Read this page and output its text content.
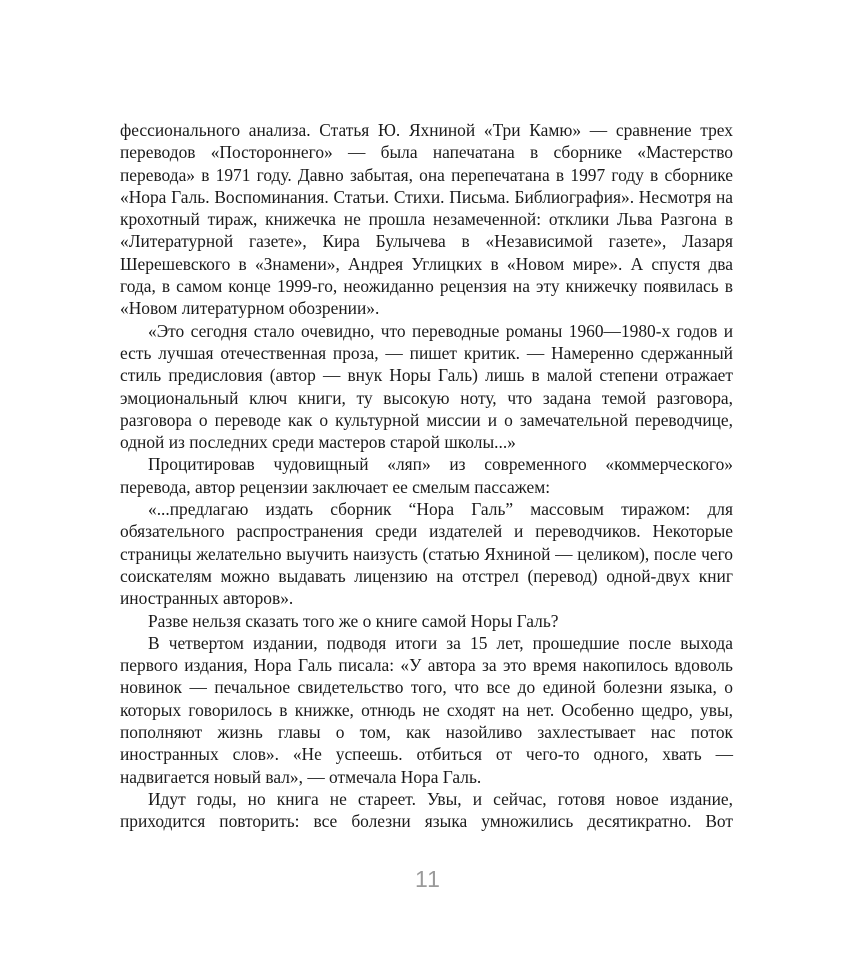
фессионального анализа. Статья Ю. Яхниной «Три Камю» — сравнение трех переводов «Постороннего» — была напечатана в сборнике «Мастерство перевода» в 1971 году. Давно забытая, она перепечатана в 1997 году в сборнике «Нора Галь. Воспоминания. Статьи. Стихи. Письма. Библиография». Несмотря на крохотный тираж, книжечка не прошла незамеченной: отклики Льва Разгона в «Литературной газете», Кира Булычева в «Независимой газете», Лазаря Шерешевского в «Знамени», Андрея Углицких в «Новом мире». А спустя два года, в самом конце 1999-го, неожиданно рецензия на эту книжечку появилась в «Новом литературном обозрении».

«Это сегодня стало очевидно, что переводные романы 1960—1980-х годов и есть лучшая отечественная проза, — пишет критик. — Намеренно сдержанный стиль предисловия (автор — внук Норы Галь) лишь в малой степени отражает эмоциональный ключ книги, ту высокую ноту, что задана темой разговора, разговора о переводе как о культурной миссии и о замечательной переводчице, одной из последних среди мастеров старой школы...»

Процитировав чудовищный «ляп» из современного «коммерческого» перевода, автор рецензии заключает ее смелым пассажем:

«...предлагаю издать сборник “Нора Галь” массовым тиражом: для обязательного распространения среди издателей и переводчиков. Некоторые страницы желательно выучить наизусть (статью Яхниной — целиком), после чего соискателям можно выдавать лицензию на отстрел (перевод) одной-двух книг иностранных авторов».

Разве нельзя сказать того же о книге самой Норы Галь?

В четвертом издании, подводя итоги за 15 лет, прошедшие после выхода первого издания, Нора Галь писала: «У автора за это время накопилось вдоволь новинок — печальное свидетельство того, что все до единой болезни языка, о которых говорилось в книжке, отнюдь не сходят на нет. Особенно щедро, увы, пополняют жизнь главы о том, как назойливо захлестывает нас поток иностранных слов». «Не успеешь. отбиться от чего-то одного, хвать — надвигается новый вал», — отмечала Нора Галь.

Идут годы, но книга не стареет. Увы, и сейчас, готовя новое издание, приходится повторить: все болезни языка умножились десятикратно. Вот

11
